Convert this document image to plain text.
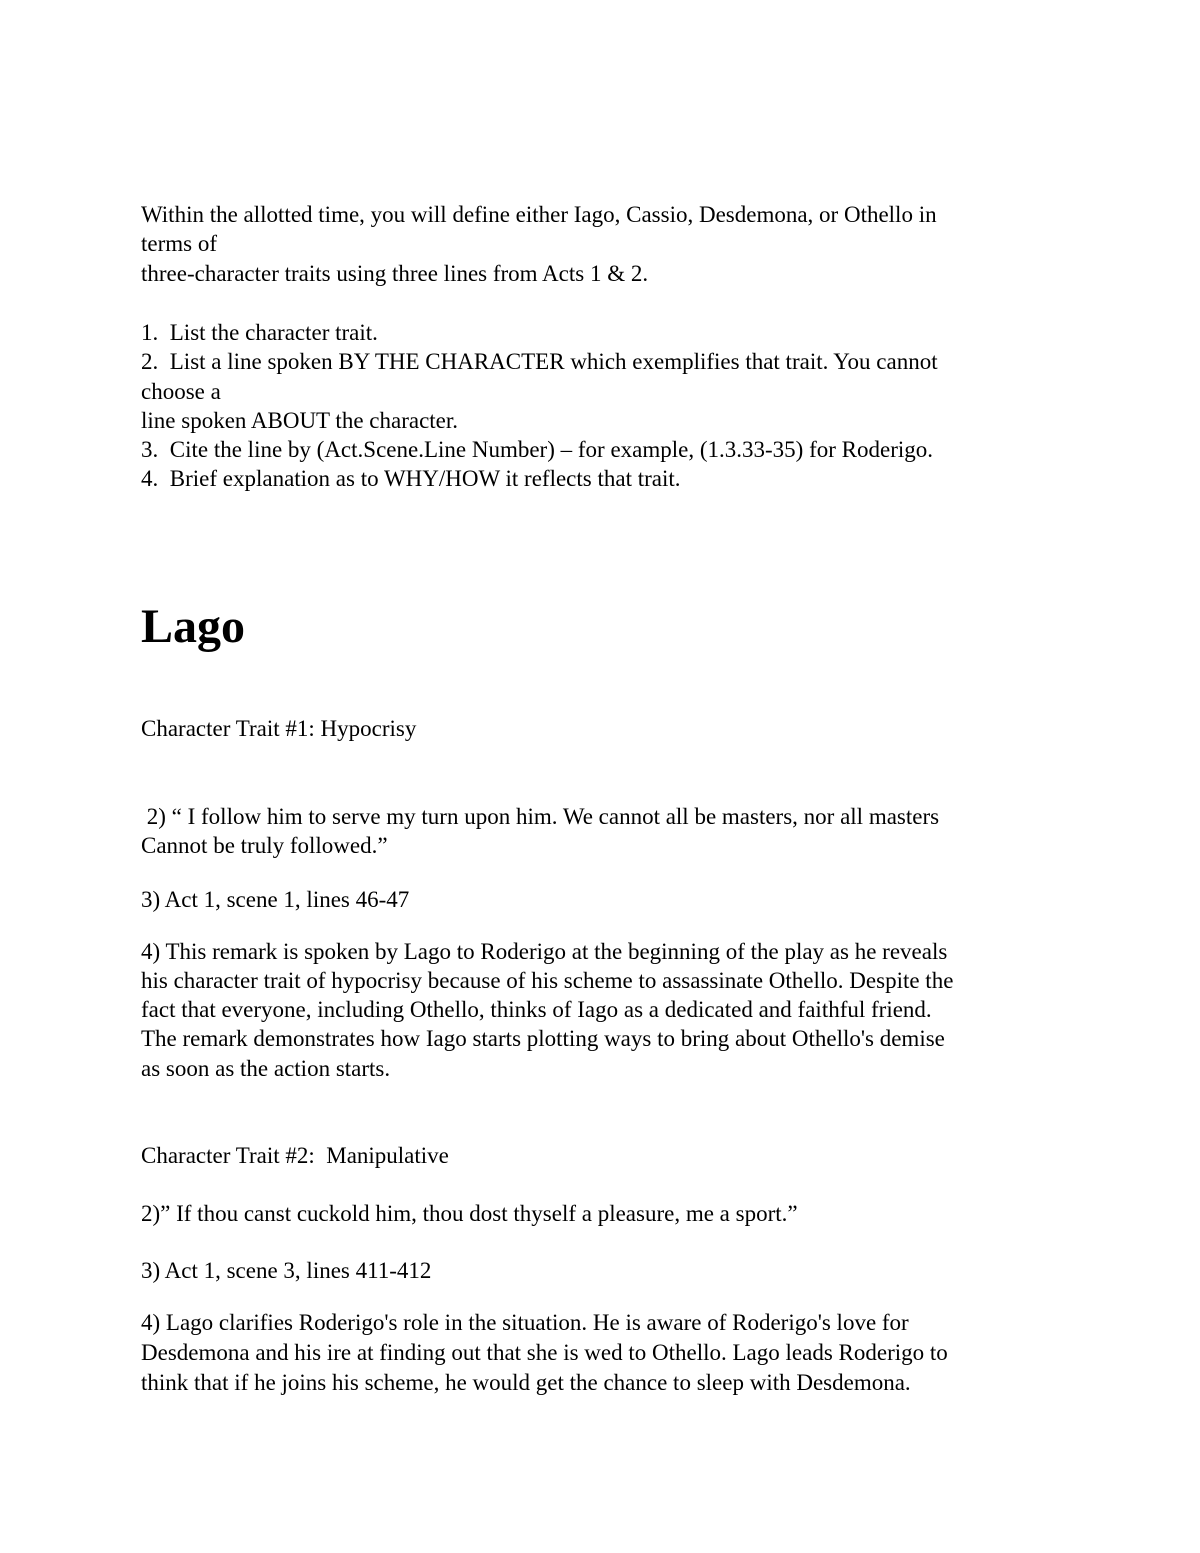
Within the allotted time, you will define either Iago, Cassio, Desdemona, or Othello in
terms of
three-character traits using three lines from Acts 1 & 2.
1.  List the character trait.
2.  List a line spoken BY THE CHARACTER which exemplifies that trait. You cannot
choose a
line spoken ABOUT the character.
3.  Cite the line by (Act.Scene.Line Number) – for example, (1.3.33-35) for Roderigo.
4.  Brief explanation as to WHY/HOW it reflects that trait.
Lago
Character Trait #1: Hypocrisy
2) “ I follow him to serve my turn upon him. We cannot all be masters, nor all masters
Cannot be truly followed.”
3) Act 1, scene 1, lines 46-47
4) This remark is spoken by Lago to Roderigo at the beginning of the play as he reveals
his character trait of hypocrisy because of his scheme to assassinate Othello. Despite the
fact that everyone, including Othello, thinks of Iago as a dedicated and faithful friend.
The remark demonstrates how Iago starts plotting ways to bring about Othello's demise
as soon as the action starts.
Character Trait #2:  Manipulative
2)” If thou canst cuckold him, thou dost thyself a pleasure, me a sport.”
3) Act 1, scene 3, lines 411-412
4) Lago clarifies Roderigo's role in the situation. He is aware of Roderigo's love for
Desdemona and his ire at finding out that she is wed to Othello. Lago leads Roderigo to
think that if he joins his scheme, he would get the chance to sleep with Desdemona.
